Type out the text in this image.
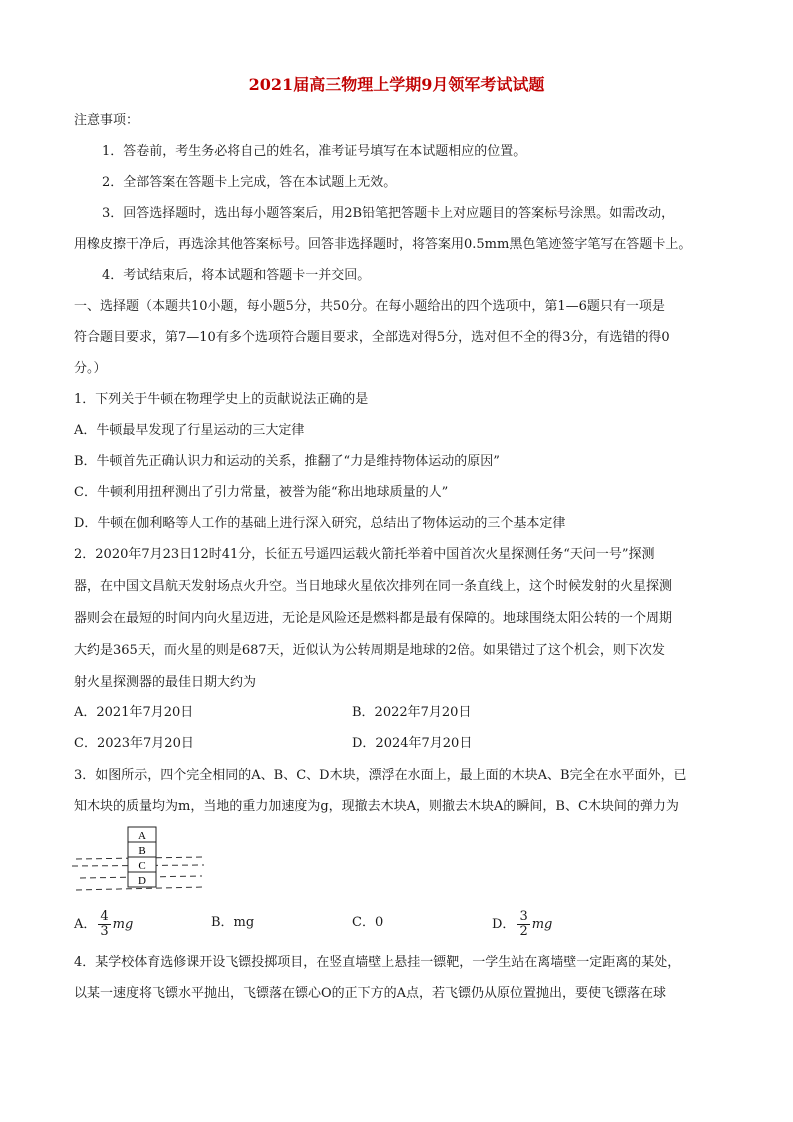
2021届高三物理上学期9月领军考试试题
注意事项：
1．答卷前，考生务必将自己的姓名，准考证号填写在本试题相应的位置。
2．全部答案在答题卡上完成，答在本试题上无效。
3．回答选择题时，选出每小题答案后，用2B铅笔把答题卡上对应题目的答案标号涂黑。如需改动，
用橡皮擦干净后，再选涂其他答案标号。回答非选择题时，将答案用0.5mm黑色笔迹签字笔写在答题卡上。
4．考试结束后，将本试题和答题卡一并交回。
一、选择题（本题共10小题，每小题5分，共50分。在每小题给出的四个选项中，第1—6题只有一项是
符合题目要求，第7—10有多个选项符合题目要求，全部选对得5分，选对但不全的得3分，有选错的得0
分。）
1．下列关于牛顿在物理学史上的贡献说法正确的是
A．牛顿最早发现了行星运动的三大定律
B．牛顿首先正确认识力和运动的关系，推翻了“力是维持物体运动的原因”
C．牛顿利用扭秤测出了引力常量，被誉为能“称出地球质量的人”
D．牛顿在伽利略等人工作的基础上进行深入研究，总结出了物体运动的三个基本定律
2．2020年7月23日12时41分，长征五号遥四运载火箭托举着中国首次火星探测任务“天问一号”探测
器，在中国文昌航天发射场点火升空。当日地球火星依次排列在同一条直线上，这个时候发射的火星探测
器则会在最短的时间内向火星迈进，无论是风险还是燃料都是最有保障的。地球围绕太阳公转的一个周期
大约是365天，而火星的则是687天，近似认为公转周期是地球的2倍。如果错过了这个机会，则下次发
射火星探测器的最佳日期大约为
A．2021年7月20日	B．2022年7月20日
C．2023年7月20日	D．2024年7月20日
3．如图所示，四个完全相同的A、B、C、D木块，漂浮在水面上，最上面的木块A、B完全在水平面外，已
知木块的质量均为m，当地的重力加速度为g，现撤去木块A，则撤去木块A的瞬间，B、C木块间的弹力为
A
B
C
D
A． $\frac{4}{3}$ mg	B．mg	C．0	D． $\frac{3}{2}$ mg
4．某学校体育选修课开设飞镖投掷项目，在竖直墙壁上悬挂一镖靶，一学生站在离墙壁一定距离的某处，
以某一速度将飞镖水平抛出，飞镖落在镖心O的正下方的A点，若飞镖仍从原位置抛出，要使飞镖落在球
